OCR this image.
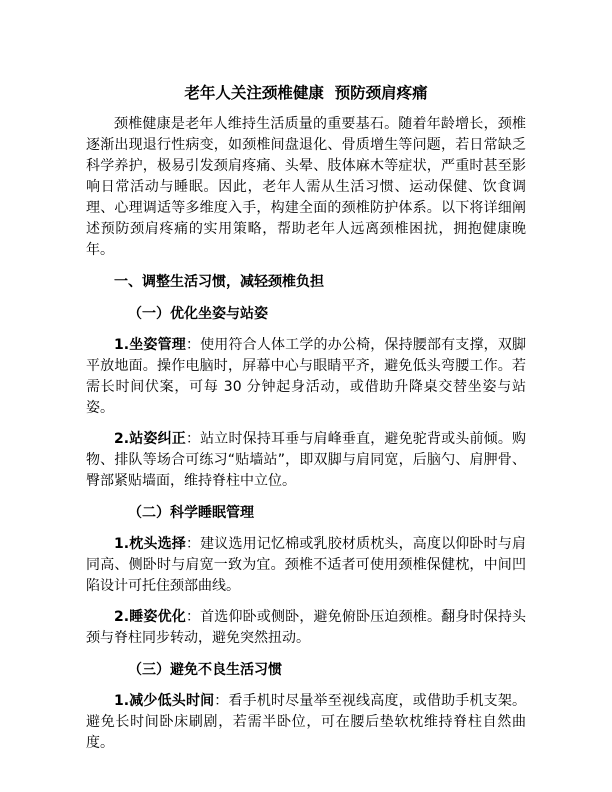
老年人关注颈椎健康  预防颈肩疼痛

颈椎健康是老年人维持生活质量的重要基石。随着年龄增长，颈椎逐渐出现退行性病变，如颈椎间盘退化、骨质增生等问题，若日常缺乏科学养护，极易引发颈肩疼痛、头晕、肢体麻木等症状，严重时甚至影响日常活动与睡眠。因此，老年人需从生活习惯、运动保健、饮食调理、心理调适等多维度入手，构建全面的颈椎防护体系。以下将详细阐述预防颈肩疼痛的实用策略，帮助老年人远离颈椎困扰，拥抱健康晚年。

一、调整生活习惯，减轻颈椎负担
（一）优化坐姿与站姿

1.坐姿管理：使用符合人体工学的办公椅，保持腰部有支撑，双脚平放地面。操作电脑时，屏幕中心与眼睛平齐，避免低头弯腰工作。若需长时间伏案，可每 30 分钟起身活动，或借助升降桌交替坐姿与站姿。

2.站姿纠正：站立时保持耳垂与肩峰垂直，避免驼背或头前倾。购物、排队等场合可练习“贴墙站”，即双脚与肩同宽，后脑勺、肩胛骨、臀部紧贴墙面，维持脊柱中立位。

（二）科学睡眠管理

1.枕头选择：建议选用记忆棉或乳胶材质枕头，高度以仰卧时与肩同高、侧卧时与肩宽一致为宜。颈椎不适者可使用颈椎保健枕，中间凹陷设计可托住颈部曲线。

2.睡姿优化：首选仰卧或侧卧，避免俯卧压迫颈椎。翻身时保持头颈与脊柱同步转动，避免突然扭动。

（三）避免不良生活习惯

1.减少低头时间：看手机时尽量举至视线高度，或借助手机支架。避免长时间卧床刷剧，若需半卧位，可在腰后垫软枕维持脊柱自然曲度。
